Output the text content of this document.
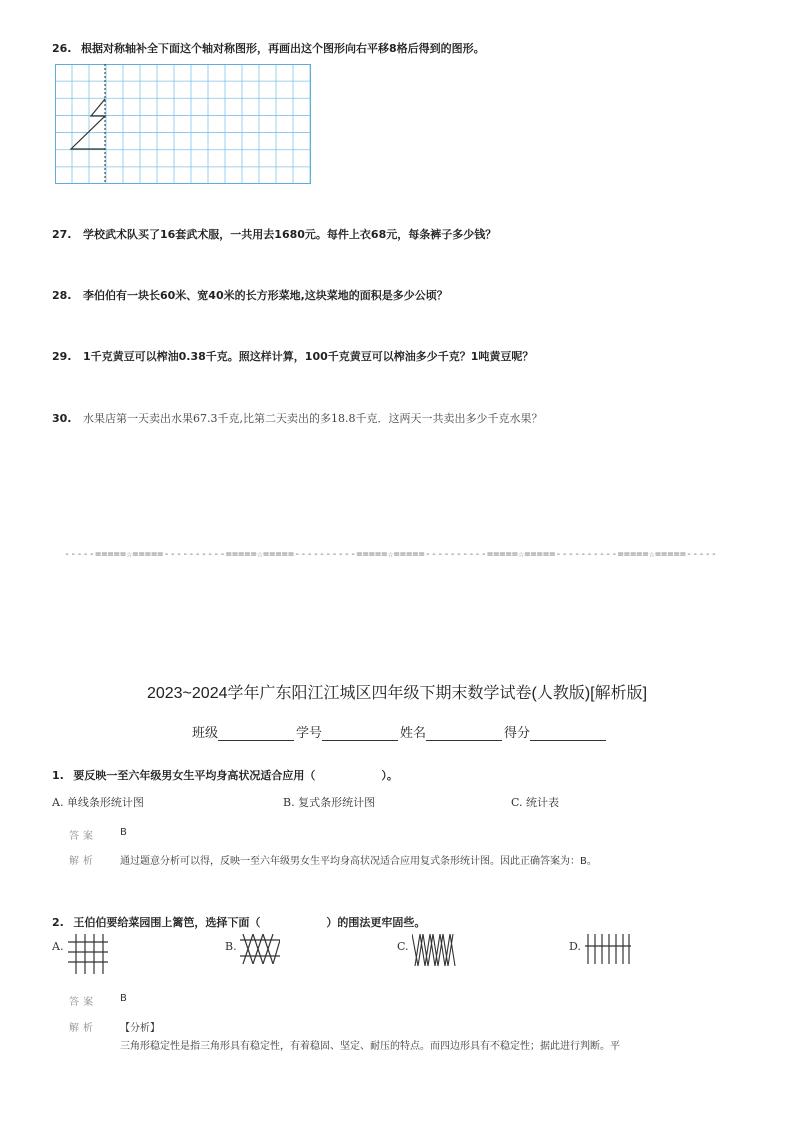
26. 根据对称轴补全下面这个轴对称图形，再画出这个图形向右平移8格后得到的图形。
27. 学校武术队买了16套武术服，一共用去1680元。每件上衣68元，每条裤子多少钱？
28. 李伯伯有一块长60米、宽40米的长方形菜地,这块菜地的面积是多少公顷？
29. 1千克黄豆可以榨油0.38千克。照这样计算，100千克黄豆可以榨油多少千克？1吨黄豆呢？
30. 水果店第一天卖出水果67.3千克,比第二天卖出的多18.8千克．这两天一共卖出多少千克水果？
-----=====☆=====----------=====☆=====----------=====☆=====----------=====☆=====----------=====☆=====-----
2023~2024学年广东阳江江城区四年级下期末数学试卷(人教版)[解析版]
班级	学号	姓名	得分
1. 要反映一至六年级男女生平均身高状况适合应用（　　　　　　）。
A. 单线条形统计图	B. 复式条形统计图	C. 统计表
答案 B
解析 通过题意分析可以得，反映一至六年级男女生平均身高状况适合应用复式条形统计图。因此正确答案为：B。
2. 王伯伯要给菜园围上篱笆，选择下面（　　　　　　）的围法更牢固些。
A.	B.	C.	D.
答案 B
解析 【分析】
三角形稳定性是指三角形具有稳定性，有着稳固、坚定、耐压的特点。而四边形具有不稳定性；据此进行判断。平
